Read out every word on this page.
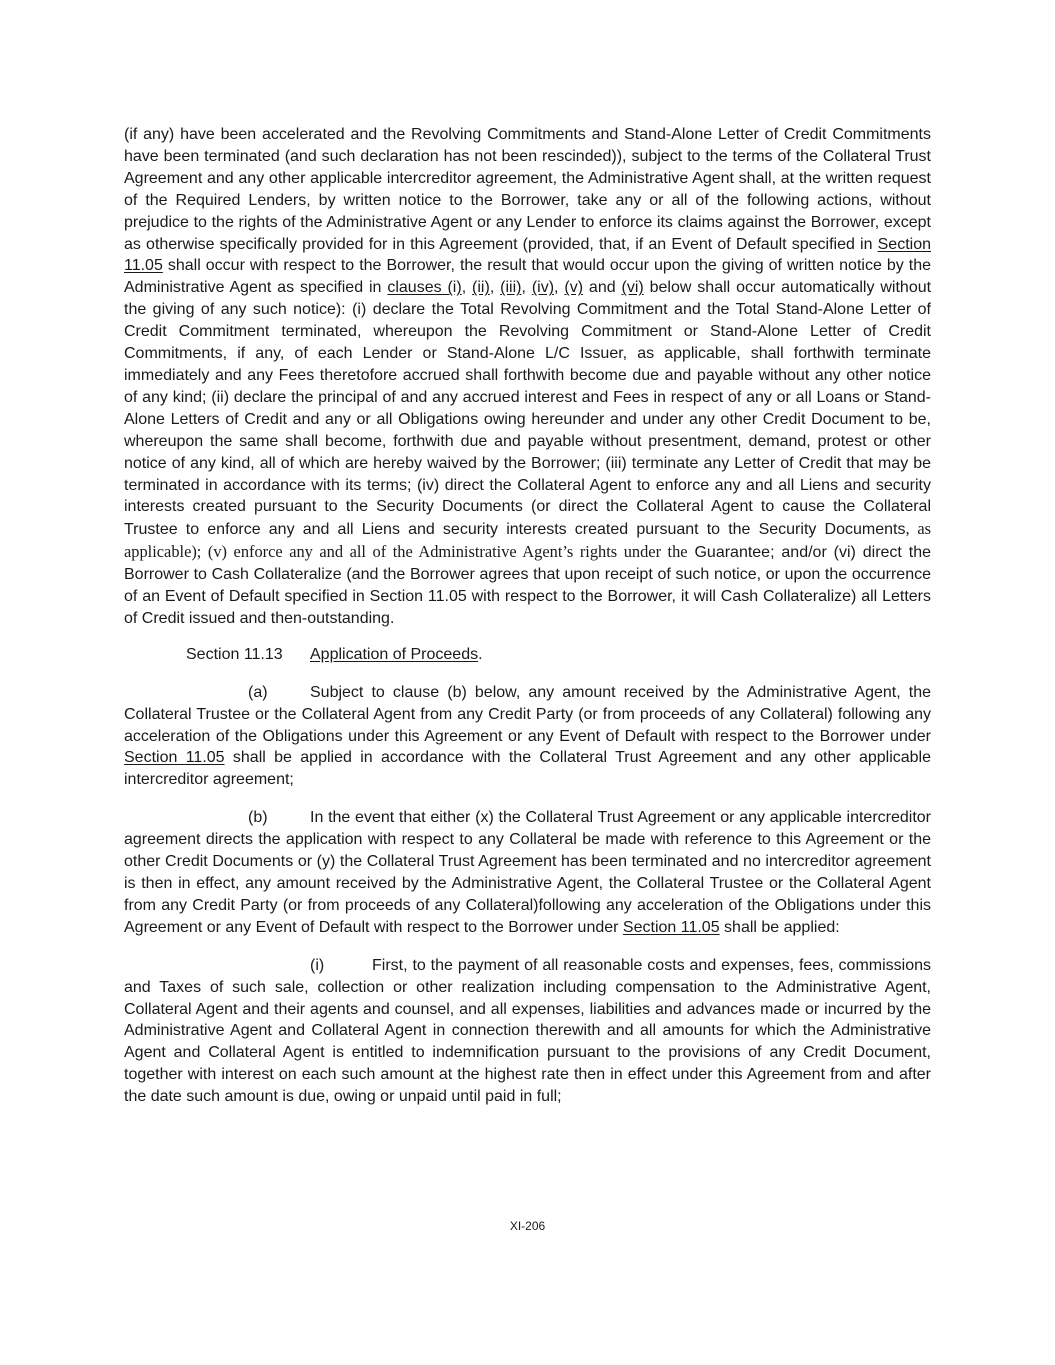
(if any) have been accelerated and the Revolving Commitments and Stand-Alone Letter of Credit Commitments have been terminated (and such declaration has not been rescinded)), subject to the terms of the Collateral Trust Agreement and any other applicable intercreditor agreement, the Administrative Agent shall, at the written request of the Required Lenders, by written notice to the Borrower, take any or all of the following actions, without prejudice to the rights of the Administrative Agent or any Lender to enforce its claims against the Borrower, except as otherwise specifically provided for in this Agreement (provided, that, if an Event of Default specified in Section 11.05 shall occur with respect to the Borrower, the result that would occur upon the giving of written notice by the Administrative Agent as specified in clauses (i), (ii), (iii), (iv), (v) and (vi) below shall occur automatically without the giving of any such notice): (i) declare the Total Revolving Commitment and the Total Stand-Alone Letter of Credit Commitment terminated, whereupon the Revolving Commitment or Stand-Alone Letter of Credit Commitments, if any, of each Lender or Stand-Alone L/C Issuer, as applicable, shall forthwith terminate immediately and any Fees theretofore accrued shall forthwith become due and payable without any other notice of any kind; (ii) declare the principal of and any accrued interest and Fees in respect of any or all Loans or Stand-Alone Letters of Credit and any or all Obligations owing hereunder and under any other Credit Document to be, whereupon the same shall become, forthwith due and payable without presentment, demand, protest or other notice of any kind, all of which are hereby waived by the Borrower; (iii) terminate any Letter of Credit that may be terminated in accordance with its terms; (iv) direct the Collateral Agent to enforce any and all Liens and security interests created pursuant to the Security Documents (or direct the Collateral Agent to cause the Collateral Trustee to enforce any and all Liens and security interests created pursuant to the Security Documents, as applicable); (v) enforce any and all of the Administrative Agent’s rights under the Guarantee; and/or (vi) direct the Borrower to Cash Collateralize (and the Borrower agrees that upon receipt of such notice, or upon the occurrence of an Event of Default specified in Section 11.05 with respect to the Borrower, it will Cash Collateralize) all Letters of Credit issued and then-outstanding.

Section 11.13 Application of Proceeds.

(a)	Subject to clause (b) below, any amount received by the Administrative Agent, the Collateral Trustee or the Collateral Agent from any Credit Party (or from proceeds of any Collateral) following any acceleration of the Obligations under this Agreement or any Event of Default with respect to the Borrower under Section 11.05 shall be applied in accordance with the Collateral Trust Agreement and any other applicable intercreditor agreement;

(b)	In the event that either (x) the Collateral Trust Agreement or any applicable intercreditor agreement directs the application with respect to any Collateral be made with reference to this Agreement or the other Credit Documents or (y) the Collateral Trust Agreement has been terminated and no intercreditor agreement is then in effect, any amount received by the Administrative Agent, the Collateral Trustee or the Collateral Agent from any Credit Party (or from proceeds of any Collateral)following any acceleration of the Obligations under this Agreement or any Event of Default with respect to the Borrower under Section 11.05 shall be applied:

(i)	First, to the payment of all reasonable costs and expenses, fees, commissions and Taxes of such sale, collection or other realization including compensation to the Administrative Agent, Collateral Agent and their agents and counsel, and all expenses, liabilities and advances made or incurred by the Administrative Agent and Collateral Agent in connection therewith and all amounts for which the Administrative Agent and Collateral Agent is entitled to indemnification pursuant to the provisions of any Credit Document, together with interest on each such amount at the highest rate then in effect under this Agreement from and after the date such amount is due, owing or unpaid until paid in full;

XI-206
